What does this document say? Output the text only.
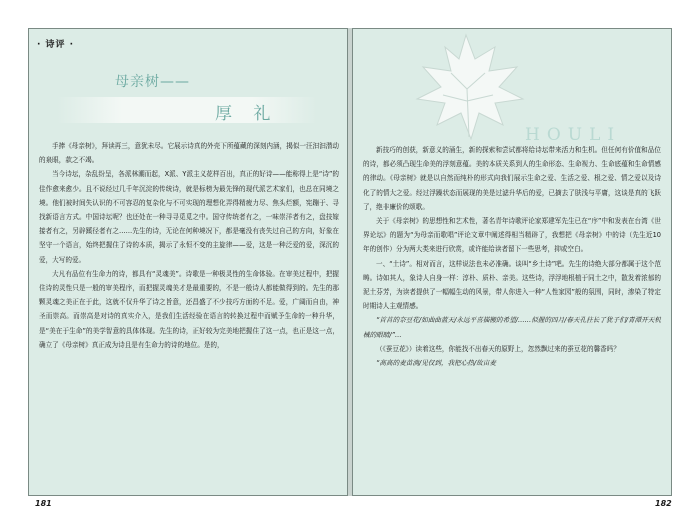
· 诗评 ·
母亲树——
厚 礼

手捧《母亲树》，拜读再三，意犹未尽。它展示诗真的外壳下所蕴藏的深刻内涵，揭似一汪汩汩潜动的泉眼，款之不竭。

当今诗坛，杂乱纷呈，各派林潮而起，X派、Y派主义花样百出，真正的好诗——能称得上是“诗”的佳作愈来愈少。且不说经过几千年沉淀的传统诗，就是标榜为最先锋的现代派艺术家们，也总在同境之境。他们被时间失认识的不可容忍的复杂化与不可实现的理想化弄得精疲力尽、焦头烂额，宪蹦于、寻找新语言方式。中国诗坛呢？也还处在一种寻寻觅觅之中。国守传统者有之，一味崇洋者有之，盘技嫁接者有之，另辟蹊径者有之……先生的诗，无论在何种境况下，都是毫没有丧失过自己的方向，好象在坚守一个语言，始终把握住了诗的本质，揭示了永恒不变的主旋律——爱，这是一种泛爱的爱，深沉的爱，大写的爱。

大凡有品位有生命力的诗，都具有“灵魂美”。诗歌是一种极灵性的生命体验。在审美过程中，把握住诗的灵性只是一般的审美程序，而把握灵魂美才是最重要的，不是一般诗人都能做得到的。先生的那颗灵魂之美正在于此，这就不仅升华了诗之旨意，还昌盛了不少技巧方面的不足。爱，广阔而自由，神圣而崇高。而崇高是对诗的真实介入，是我们生活经验在语言的转换过程中而赋予生命的一种升华，是“美在于生命”的美学智意的具体体现。先生的诗，正好较为完美地把握住了这一点，也正是这一点，确立了《母亲树》真正成为诗且是有生命力的诗的地位。是的，

181
HOULI

新技巧的创获，新意义的涌生，新的探索和尝试都将给诗坛带来活力和生机。但任何有价值和品位的诗，都必须凸现生命美的浮刻意蕴。美的本质关系到人的生命形态、生命视力、生命底蕴和生命情感的律动。《母亲树》就是以自然而纯朴的形式向我们展示生命之爱、生活之爱、根之爱、情之爱以及诗化了的情大之爱。经过浮躁状态而展现的美是过滤升华后的爱，已摘去了肤浅与平庸，这谈是真的飞跃了，绝非廉价的颂歌。

关于《母亲树》的思想性和艺术性，著名青年诗歌评论家郑建军先生已在“序”中和发表在台湾《世界论坛》的题为“为母亲而歌唱”评论文章中阐述得相当精辟了，我想把《母亲树》中的诗（先生近10年的创作）分为两大类来进行欣赏，或许能给读者留下一些思考，抑或空白。

一、“土诗”。相对而言，这样说法也未必准确。谈叫“乡土诗”吧。先生的诗绝大部分都属于这个范畴。诗如其人，象诗人自身一样：淳朴、质朴、亲美。这些诗，浮浮地根植于同土之中，散发着浓郁的泥土芬芳，为读者提供了一幅幅生动的风景，带人你进入一种“人性家园”般的氛围，同时，渗染了特定时期诗人主观情感。

“首首的奈豆花/如曲曲蓝天/永远平喜描搬的希望/……似握的四月/春天孔拄长了犹子们/青潭开天机械的眼睛/”…

（《蚕豆花》）读着这些，你能找不出春天的原野上，忽然飘过来的蚕豆花的馨香吗？

“高高的麦苗淌/见仅到，我把心热/故亩麦

182
